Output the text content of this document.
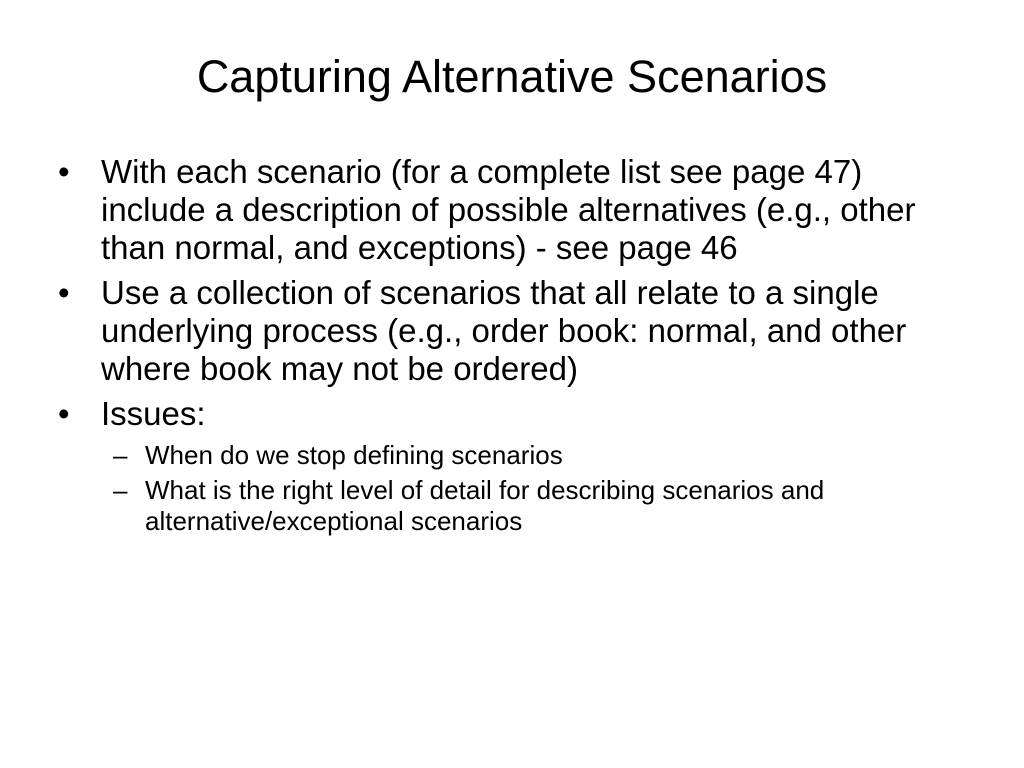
Capturing Alternative Scenarios
• With each scenario (for a complete list see page 47) include a description of possible alternatives (e.g., other than normal, and exceptions) - see page 46
• Use a collection of scenarios that all relate to a single underlying process (e.g., order book: normal, and other where book may not be ordered)
• Issues:
– When do we stop defining scenarios
– What is the right level of detail for describing scenarios and alternative/exceptional scenarios
